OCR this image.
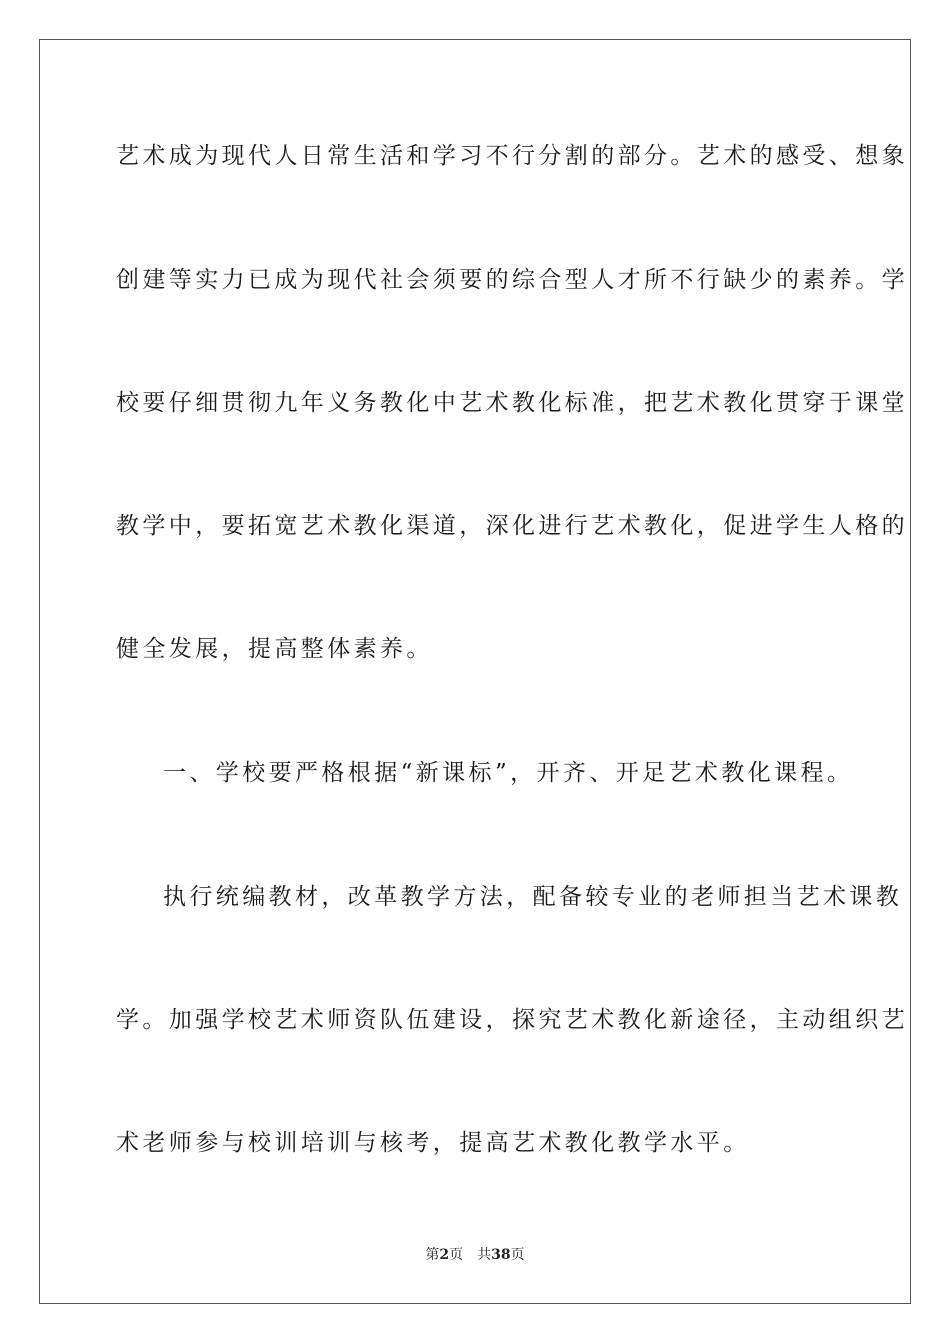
艺术成为现代人日常生活和学习不行分割的部分。艺术的感受、想象
创建等实力已成为现代社会须要的综合型人才所不行缺少的素养。学
校要仔细贯彻九年义务教化中艺术教化标准，把艺术教化贯穿于课堂
教学中，要拓宽艺术教化渠道，深化进行艺术教化，促进学生人格的
健全发展，提高整体素养。
一、学校要严格根据“新课标”，开齐、开足艺术教化课程。
执行统编教材，改革教学方法，配备较专业的老师担当艺术课教
学。加强学校艺术师资队伍建设，探究艺术教化新途径，主动组织艺
术老师参与校训培训与核考，提高艺术教化教学水平。
第2页 共38页
